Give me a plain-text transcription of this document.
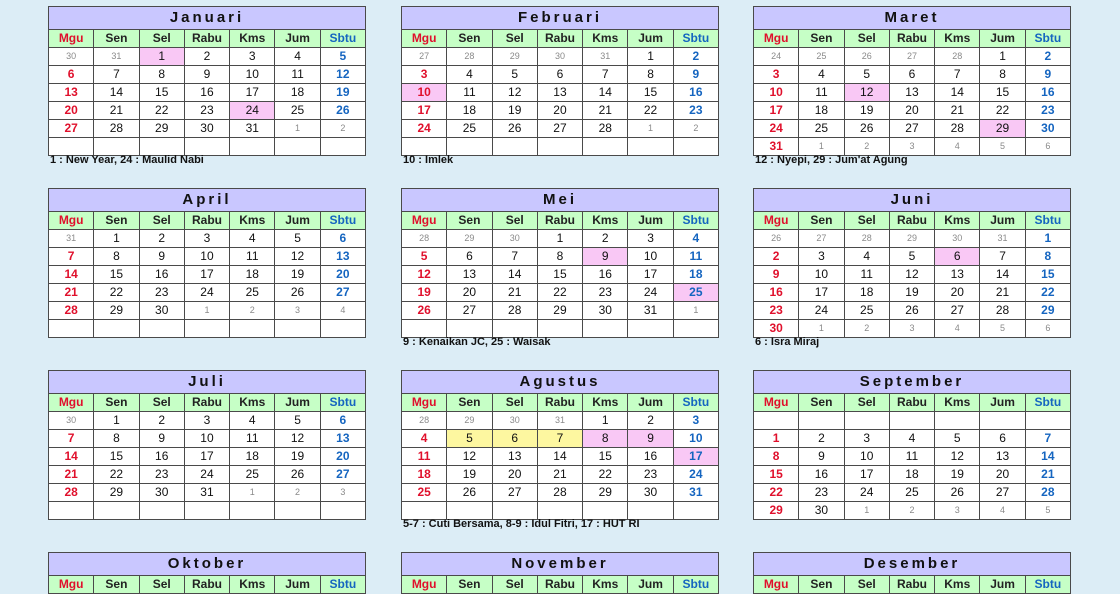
Januari						
Mgu	Sen	Sel	Rabu	Kms	Jum	Sbtu
30	31	1	2	3	4	5
6	7	8	9	10	11	12
13	14	15	16	17	18	19
20	21	22	23	24	25	26
27	28	29	30	31	1	2

1 : New Year, 24 : Maulid Nabi
Februari						
Mgu	Sen	Sel	Rabu	Kms	Jum	Sbtu
27	28	29	30	31	1	2
3	4	5	6	7	8	9
10	11	12	13	14	15	16
17	18	19	20	21	22	23
24	25	26	27	28	1	2

10 : Imlek
Maret						
Mgu	Sen	Sel	Rabu	Kms	Jum	Sbtu
24	25	26	27	28	1	2
3	4	5	6	7	8	9
10	11	12	13	14	15	16
17	18	19	20	21	22	23
24	25	26	27	28	29	30
31	1	2	3	4	5	6
12 : Nyepi, 29 : Jum'at Agung
April						
Mgu	Sen	Sel	Rabu	Kms	Jum	Sbtu
31	1	2	3	4	5	6
7	8	9	10	11	12	13
14	15	16	17	18	19	20
21	22	23	24	25	26	27
28	29	30	1	2	3	4

Mei						
Mgu	Sen	Sel	Rabu	Kms	Jum	Sbtu
28	29	30	1	2	3	4
5	6	7	8	9	10	11
12	13	14	15	16	17	18
19	20	21	22	23	24	25
26	27	28	29	30	31	1

9 : Kenaikan JC, 25 : Waisak
Juni						
Mgu	Sen	Sel	Rabu	Kms	Jum	Sbtu
26	27	28	29	30	31	1
2	3	4	5	6	7	8
9	10	11	12	13	14	15
16	17	18	19	20	21	22
23	24	25	26	27	28	29
30	1	2	3	4	5	6
6 : Isra Miraj
Juli						
Mgu	Sen	Sel	Rabu	Kms	Jum	Sbtu
30	1	2	3	4	5	6
7	8	9	10	11	12	13
14	15	16	17	18	19	20
21	22	23	24	25	26	27
28	29	30	31	1	2	3

Agustus						
Mgu	Sen	Sel	Rabu	Kms	Jum	Sbtu
28	29	30	31	1	2	3
4	5	6	7	8	9	10
11	12	13	14	15	16	17
18	19	20	21	22	23	24
25	26	27	28	29	30	31

5-7 : Cuti Bersama, 8-9 : Idul Fitri, 17 : HUT RI
September						
Mgu	Sen	Sel	Rabu	Kms	Jum	Sbtu

1	2	3	4	5	6	7
8	9	10	11	12	13	14
15	16	17	18	19	20	21
22	23	24	25	26	27	28
29	30	1	2	3	4	5
Oktober
Mgu	Sen	Sel	Rabu	Kms	Jum	Sbtu
November
Mgu	Sen	Sel	Rabu	Kms	Jum	Sbtu
Desember
Mgu	Sen	Sel	Rabu	Kms	Jum	Sbtu
